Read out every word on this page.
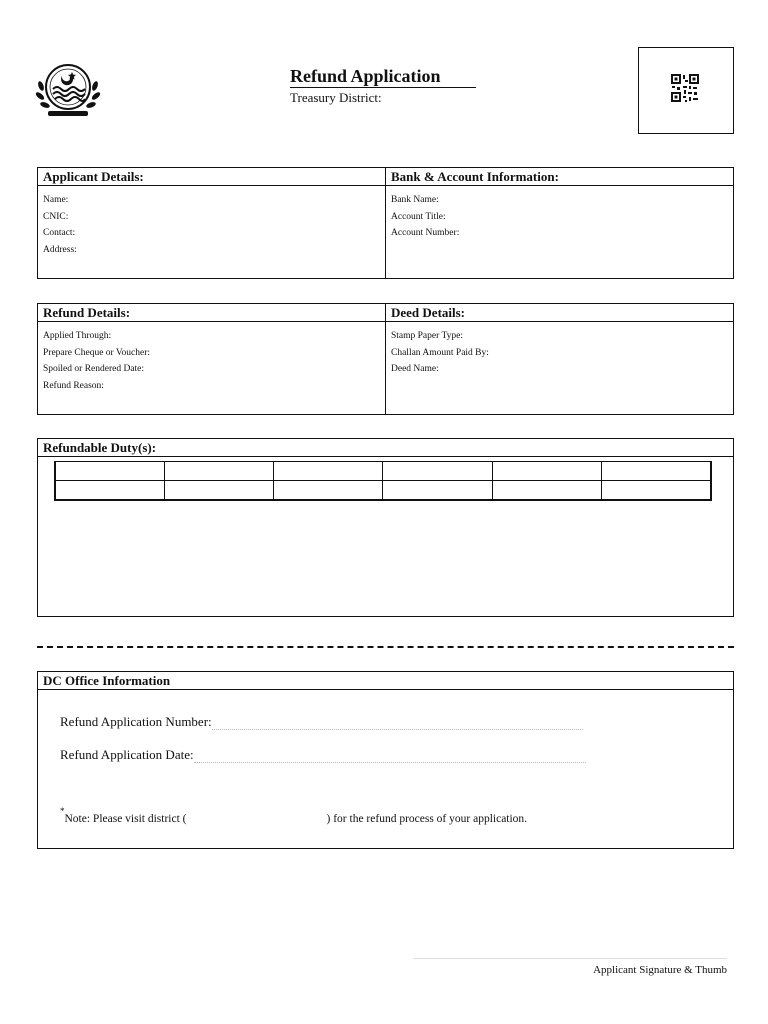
Refund Application
Treasury District:
Applicant Details:
Name:
CNIC:
Contact:
Address:
Bank & Account Information:
Bank Name:
Account Title:
Account Number:
Refund Details:
Applied Through:
Prepare Cheque or Voucher:
Spoiled or Rendered Date:
Refund Reason:
Deed Details:
Stamp Paper Type:
Challan Amount Paid By:
Deed Name:
Refundable Duty(s):

DC Office Information
Refund Application Number:
Refund Application Date:
*Note: Please visit district (	) for the refund process of your application.
Applicant Signature & Thumb
